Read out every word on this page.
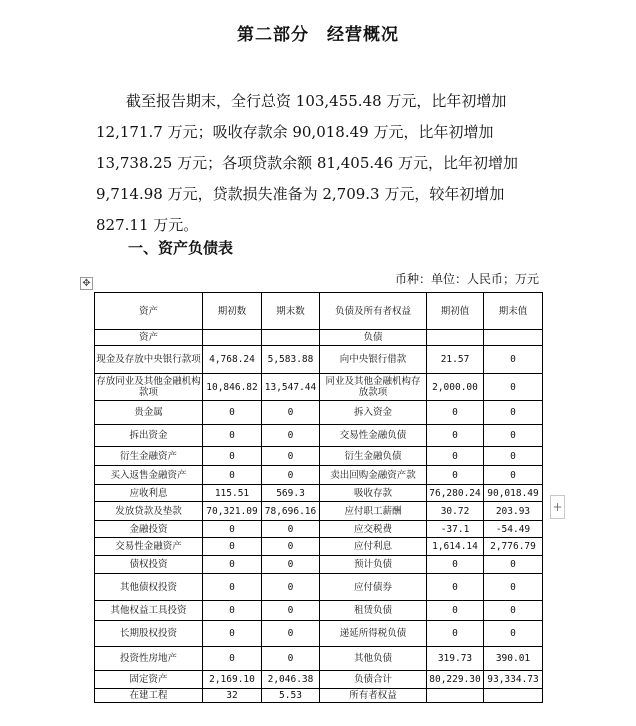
第二部分　经营概况

截至报告期末，全行总资 103,455.48 万元，比年初增加 12,171.7 万元；吸收存款余 90,018.49 万元，比年初增加 13,738.25 万元；各项贷款余额 81,405.46 万元，比年初增加 9,714.98 万元，贷款损失准备为 2,709.3 万元，较年初增加 827.11 万元。

一、资产负债表
币种：单位：人民币；万元
✥
+
资产	期初数	期末数	负债及所有者权益	期初值	期末值
资产			负债		
现金及存放中央银行款项	4,768.24	5,583.88	向中央银行借款	21.57	0
存放同业及其他金融机构款项	10,846.82	13,547.44	同业及其他金融机构存放款项	2,000.00	0
贵金属	0	0	拆入资金	0	0
拆出资金	0	0	交易性金融负债	0	0
衍生金融资产	0	0	衍生金融负债	0	0
买入返售金融资产	0	0	卖出回购金融资产款	0	0
应收利息	115.51	569.3	吸收存款	76,280.24	90,018.49
发放贷款及垫款	70,321.09	78,696.16	应付职工薪酬	30.72	203.93
金融投资	0	0	应交税费	-37.1	-54.49
交易性金融资产	0	0	应付利息	1,614.14	2,776.79
债权投资	0	0	预计负债	0	0
其他债权投资	0	0	应付债券	0	0
其他权益工具投资	0	0	租赁负债	0	0
长期股权投资	0	0	递延所得税负债	0	0
投资性房地产	0	0	其他负债	319.73	390.01
固定资产	2,169.10	2,046.38	负债合计	80,229.30	93,334.73
在建工程	32	5.53	所有者权益		
